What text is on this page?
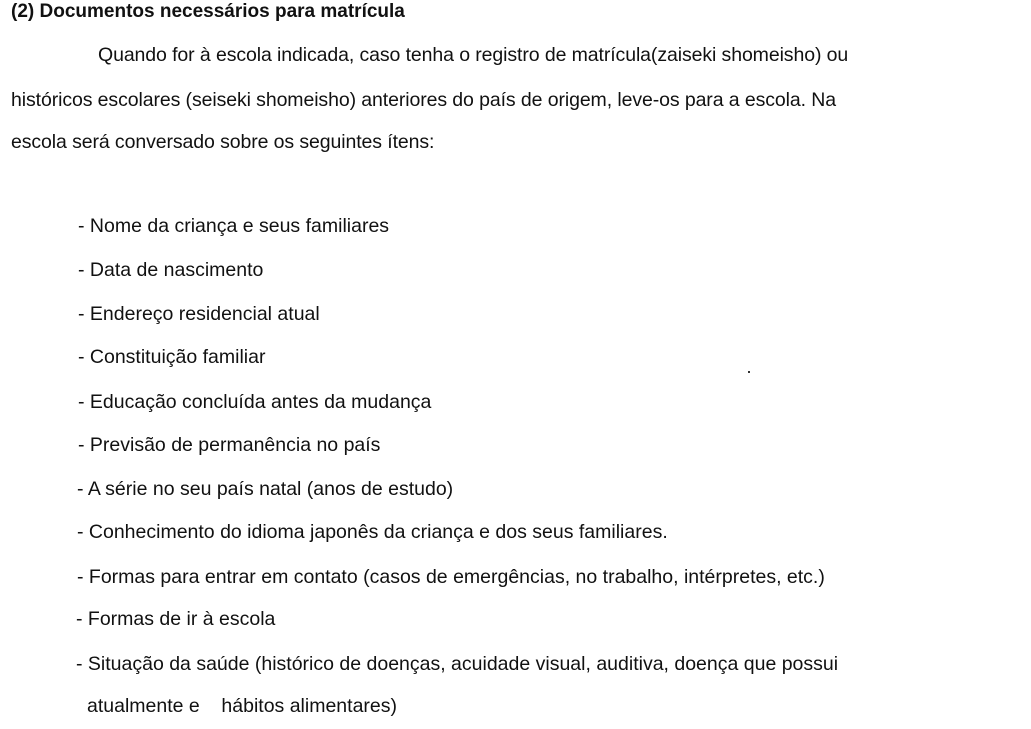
(2) Documentos necessários para matrícula
Quando for à escola indicada, caso tenha o registro de matrícula(zaiseki shomeisho) ou
históricos escolares (seiseki shomeisho) anteriores do país de origem, leve-os para a escola. Na
escola será conversado sobre os seguintes ítens:
- Nome da criança e seus familiares
- Data de nascimento
- Endereço residencial atual
- Constituição familiar
- Educação concluída antes da mudança
- Previsão de permanência no país
- A série no seu país natal (anos de estudo)
- Conhecimento do idioma japonês da criança e dos seus familiares.
- Formas para entrar em contato (casos de emergências, no trabalho, intérpretes, etc.)
- Formas de ir à escola
- Situação da saúde (histórico de doenças, acuidade visual, auditiva, doença que possui
atualmente e    hábitos alimentares)
